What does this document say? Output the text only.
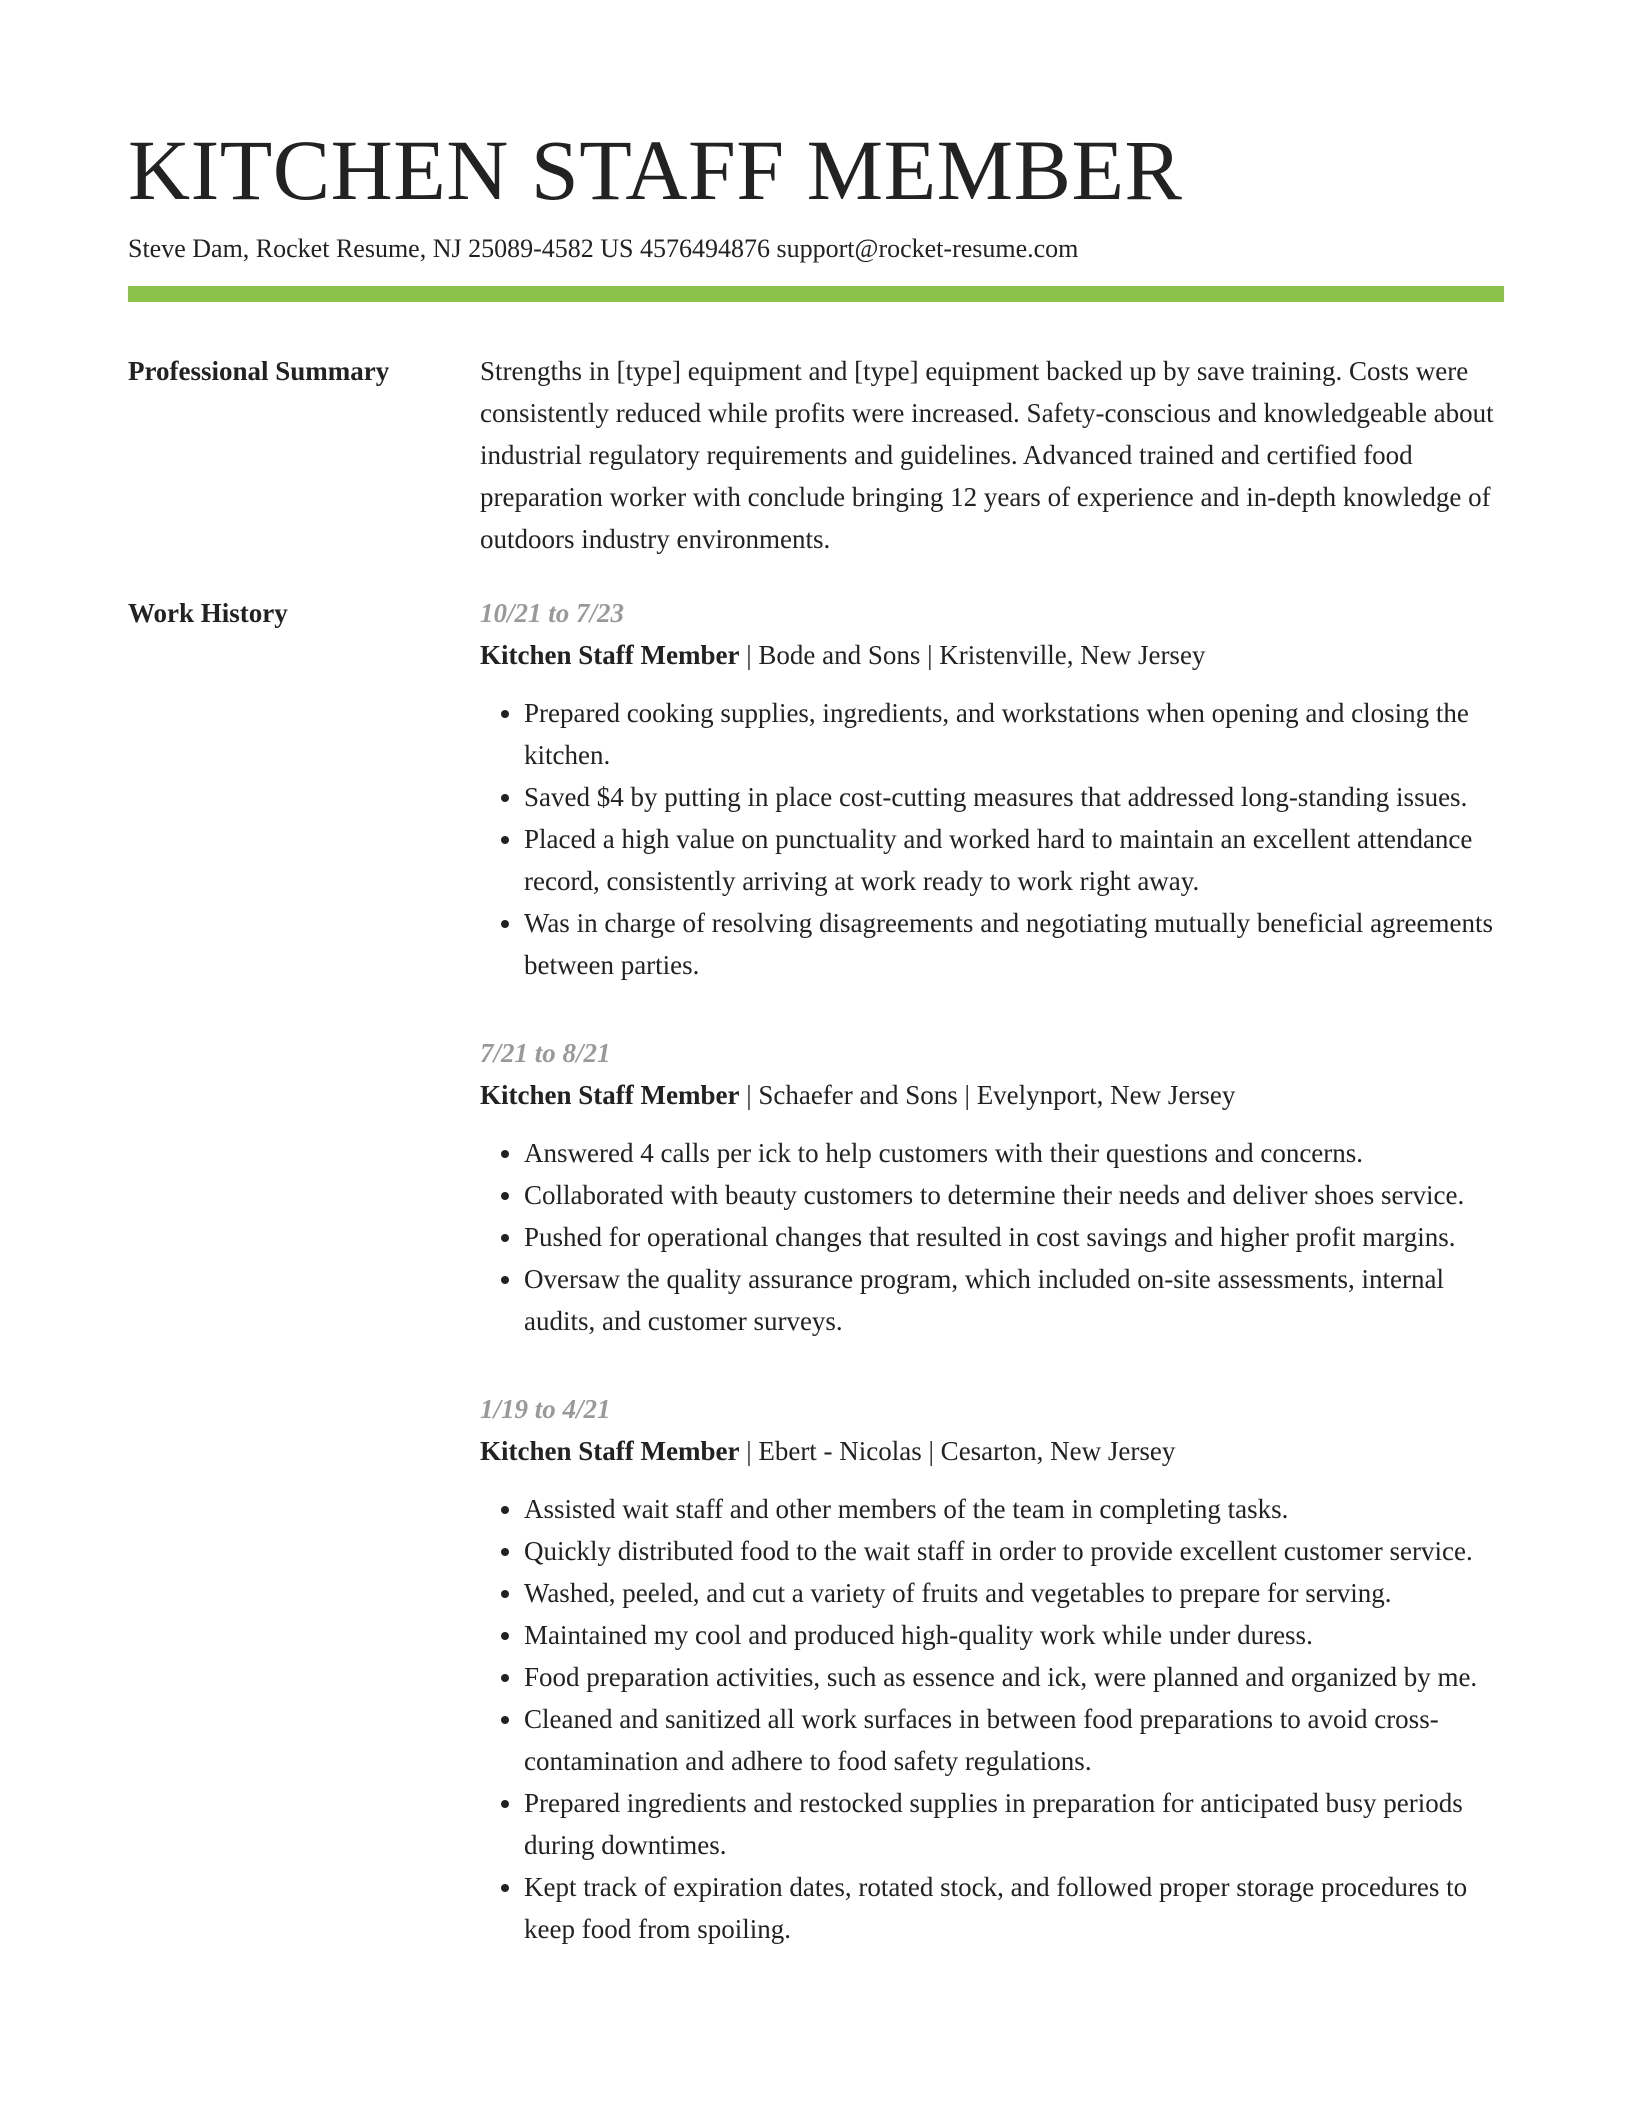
KITCHEN STAFF MEMBER
Steve Dam, Rocket Resume, NJ 25089-4582 US 4576494876 support@rocket-resume.com
Professional Summary	Strengths in [type] equipment and [type] equipment backed up by save training. Costs were consistently reduced while profits were increased. Safety-conscious and knowledgeable about industrial regulatory requirements and guidelines. Advanced trained and certified food preparation worker with conclude bringing 12 years of experience and in-depth knowledge of outdoors industry environments.

Work History	10/21 to 7/23
Kitchen Staff Member | Bode and Sons | Kristenville, New Jersey
• Prepared cooking supplies, ingredients, and workstations when opening and closing the kitchen.
• Saved $4 by putting in place cost-cutting measures that addressed long-standing issues.
• Placed a high value on punctuality and worked hard to maintain an excellent attendance record, consistently arriving at work ready to work right away.
• Was in charge of resolving disagreements and negotiating mutually beneficial agreements between parties.
7/21 to 8/21
Kitchen Staff Member | Schaefer and Sons | Evelynport, New Jersey
• Answered 4 calls per ick to help customers with their questions and concerns.
• Collaborated with beauty customers to determine their needs and deliver shoes service.
• Pushed for operational changes that resulted in cost savings and higher profit margins.
• Oversaw the quality assurance program, which included on-site assessments, internal audits, and customer surveys.
1/19 to 4/21
Kitchen Staff Member | Ebert - Nicolas | Cesarton, New Jersey
• Assisted wait staff and other members of the team in completing tasks.
• Quickly distributed food to the wait staff in order to provide excellent customer service.
• Washed, peeled, and cut a variety of fruits and vegetables to prepare for serving.
• Maintained my cool and produced high-quality work while under duress.
• Food preparation activities, such as essence and ick, were planned and organized by me.
• Cleaned and sanitized all work surfaces in between food preparations to avoid cross-contamination and adhere to food safety regulations.
• Prepared ingredients and restocked supplies in preparation for anticipated busy periods during downtimes.
• Kept track of expiration dates, rotated stock, and followed proper storage procedures to keep food from spoiling.
